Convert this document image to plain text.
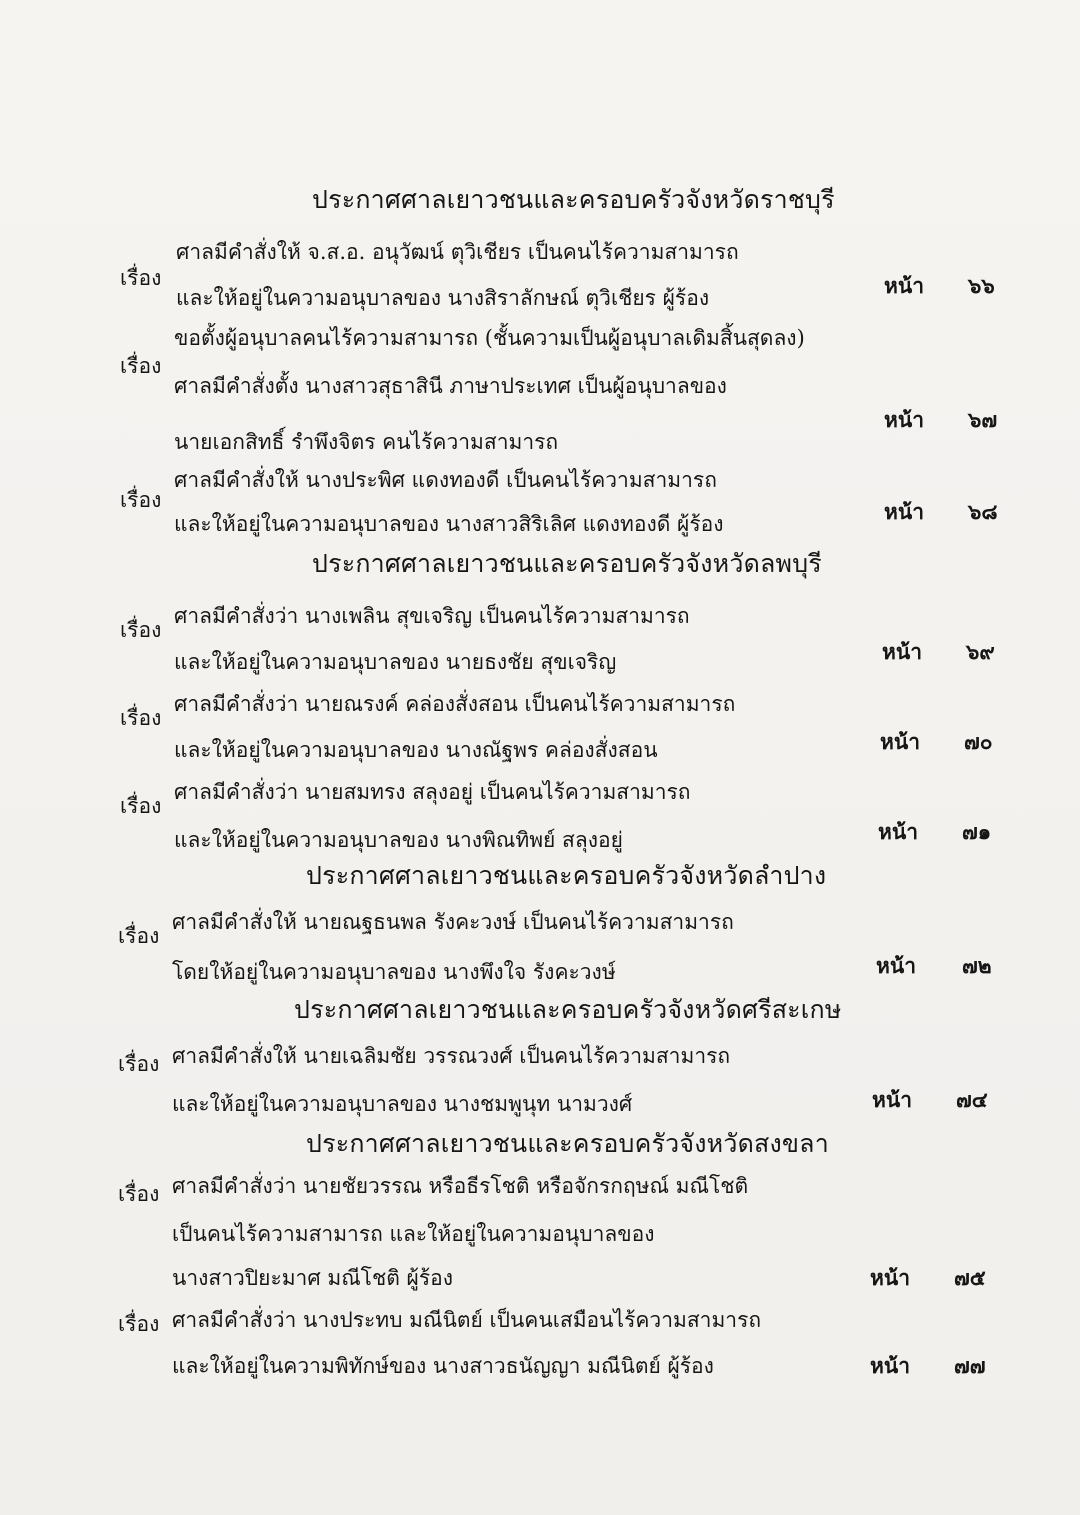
ประกาศศาลเยาวชนและครอบครัวจังหวัดราชบุรี
เรื่อง
ศาลมีคำสั่งให้ จ.ส.อ. อนุวัฒน์ ตุวิเชียร เป็นคนไร้ความสามารถ
และให้อยู่ในความอนุบาลของ นางสิราลักษณ์ ตุวิเชียร ผู้ร้อง	หน้า ๖๖
เรื่อง
ขอตั้งผู้อนุบาลคนไร้ความสามารถ (ชั้นความเป็นผู้อนุบาลเดิมสิ้นสุดลง)
ศาลมีคำสั่งตั้ง นางสาวสุธาสินี ภาษาประเทศ เป็นผู้อนุบาลของ
นายเอกสิทธิ์ รำพึงจิตร คนไร้ความสามารถ
หน้า ๖๗
เรื่อง
ศาลมีคำสั่งให้ นางประพิศ แดงทองดี เป็นคนไร้ความสามารถ
และให้อยู่ในความอนุบาลของ นางสาวสิริเลิศ แดงทองดี ผู้ร้อง	หน้า ๖๘
ประกาศศาลเยาวชนและครอบครัวจังหวัดลพบุรี
เรื่อง
ศาลมีคำสั่งว่า นางเพลิน สุขเจริญ เป็นคนไร้ความสามารถ
และให้อยู่ในความอนุบาลของ นายธงชัย สุขเจริญ	หน้า ๖๙
เรื่อง
ศาลมีคำสั่งว่า นายณรงค์ คล่องสั่งสอน เป็นคนไร้ความสามารถ
และให้อยู่ในความอนุบาลของ นางณัฐพร คล่องสั่งสอน	หน้า ๗๐
เรื่อง
ศาลมีคำสั่งว่า นายสมทรง สลุงอยู่ เป็นคนไร้ความสามารถ
และให้อยู่ในความอนุบาลของ นางพิณทิพย์ สลุงอยู่	หน้า ๗๑
ประกาศศาลเยาวชนและครอบครัวจังหวัดลำปาง
เรื่อง
ศาลมีคำสั่งให้ นายณฐธนพล รังคะวงษ์ เป็นคนไร้ความสามารถ
โดยให้อยู่ในความอนุบาลของ นางพึงใจ รังคะวงษ์	หน้า ๗๒
ประกาศศาลเยาวชนและครอบครัวจังหวัดศรีสะเกษ
เรื่อง ศาลมีคำสั่งให้ นายเฉลิมชัย วรรณวงศ์ เป็นคนไร้ความสามารถ
และให้อยู่ในความอนุบาลของ นางชมพูนุท นามวงศ์	หน้า ๗๔
ประกาศศาลเยาวชนและครอบครัวจังหวัดสงขลา
เรื่อง ศาลมีคำสั่งว่า นายชัยวรรณ หรือธีรโชติ หรือจักรกฤษณ์ มณีโชติ
เป็นคนไร้ความสามารถ และให้อยู่ในความอนุบาลของ
นางสาวปิยะมาศ มณีโชติ ผู้ร้อง	หน้า ๗๕
เรื่อง ศาลมีคำสั่งว่า นางประทบ มณีนิตย์ เป็นคนเสมือนไร้ความสามารถ
และให้อยู่ในความพิทักษ์ของ นางสาวธนัญญา มณีนิตย์ ผู้ร้อง	หน้า ๗๗
